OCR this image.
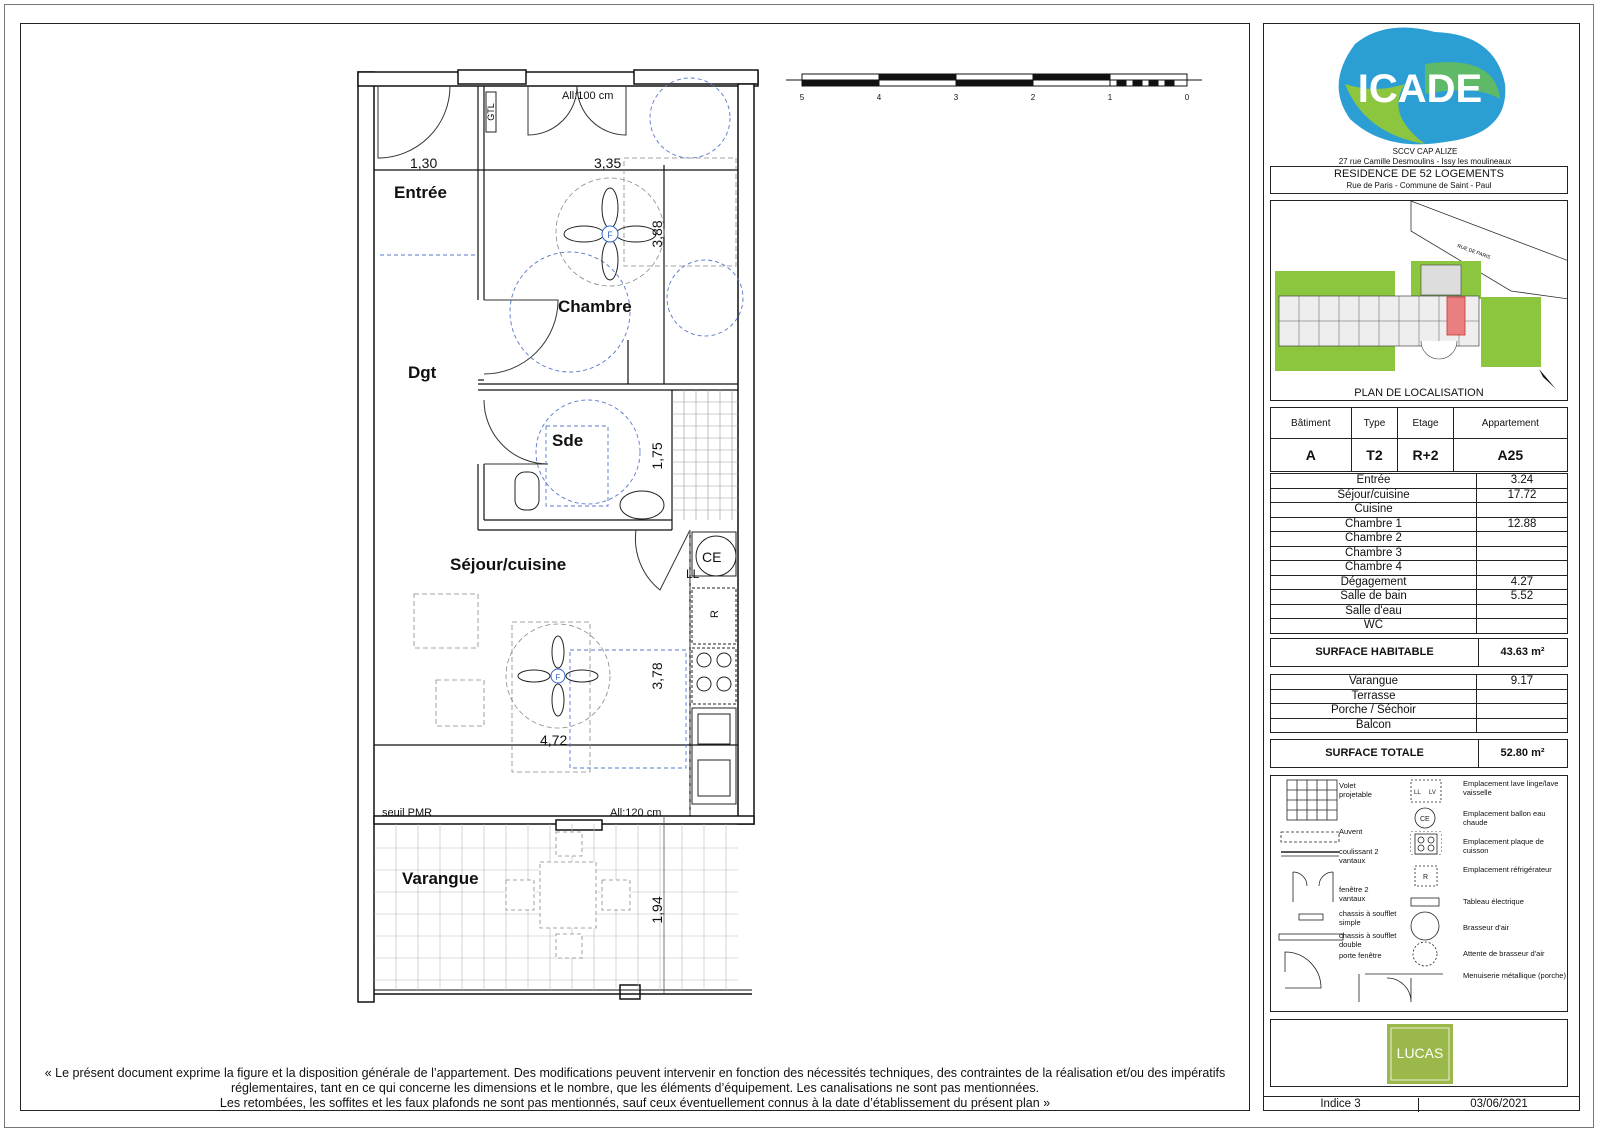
F
F
GTL
Entrée
Chambre
Dgt
Sde
Séjour/cuisine
Varangue
1,30	3,35
3,88
1,75
3,78
4,72
1,94
All:100 cm
All:120 cm
seuil PMR
CE
LL
R
5	4	3	2	1	0
« Le présent document exprime la figure et la disposition générale de l’appartement. Des modifications peuvent intervenir en fonction des nécessités techniques, des contraintes de la réalisation et/ou des impératifs
réglementaires, tant en ce qui concerne les dimensions et le nombre, que les éléments d’équipement. Les canalisations ne sont pas mentionnées.
Les retombées, les soffites et les faux plafonds ne sont pas mentionnés, sauf ceux éventuellement connus à la date d’établissement du présent plan »
ICADE
SCCV CAP ALIZE
27 rue Camille Desmoulins - Issy les moulineaux
RESIDENCE DE 52 LOGEMENTS
Rue de Paris - Commune de Saint - Paul
RUE DE PARIS
PLAN DE LOCALISATION
Bâtiment	Type	Etage	Appartement
A	T2	R+2	A25
Entrée	3.24
Séjour/cuisine	17.72
Cuisine	
Chambre 1	12.88
Chambre 2	
Chambre 3	
Chambre 4	
Dégagement	4.27
Salle de bain	5.52
Salle d'eau	
WC	
SURFACE HABITABLE	43.63 m²
Varangue	9.17
Terrasse	
Porche / Séchoir	
Balcon	
SURFACE TOTALE	52.80 m²
LL LV
CE
R
Volet projetable
Auvent
coulissant 2 vantaux
fenêtre 2 vantaux
chassis à soufflet simple
chassis à soufflet double
porte fenêtre
Emplacement lave linge/lave vaisselle
Emplacement ballon eau chaude
Emplacement plaque de cuisson
Emplacement réfrigérateur
Tableau électrique
Brasseur d'air
Attente de brasseur d'air
Menuiserie métallique (porche)
LUCAS
Indice 3	03/06/2021
